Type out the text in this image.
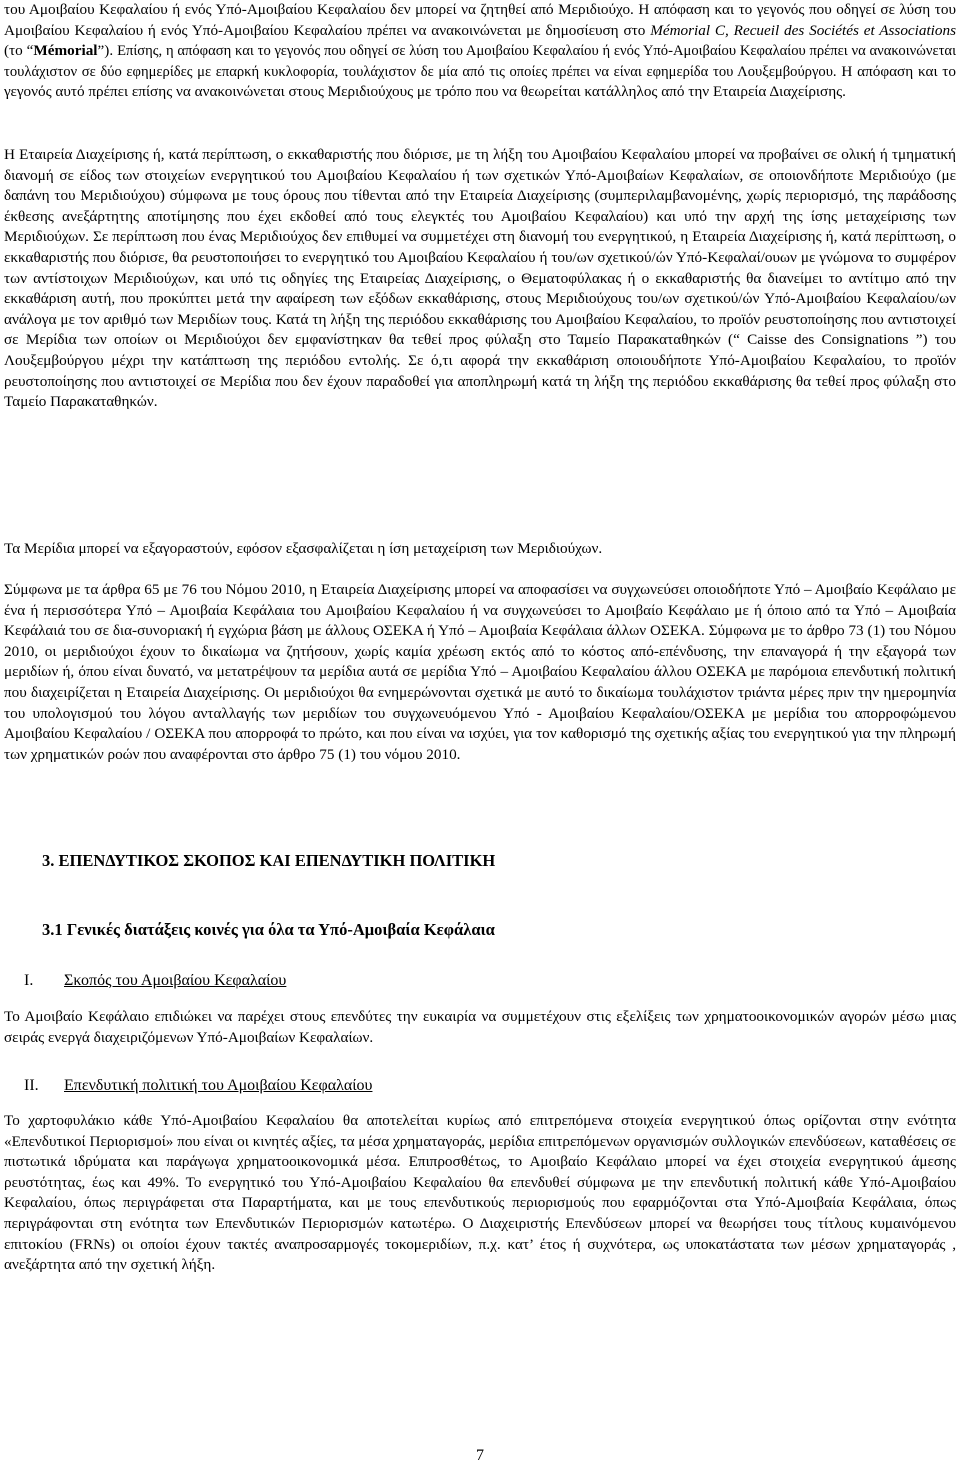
του Αμοιβαίου Κεφαλαίου ή ενός Υπό-Αμοιβαίου Κεφαλαίου δεν μπορεί να ζητηθεί από Μεριδιούχο. Η απόφαση και το γεγονός που οδηγεί σε λύση του Αμοιβαίου Κεφαλαίου ή ενός Υπό-Αμοιβαίου Κεφαλαίου πρέπει να ανακοινώνεται με δημοσίευση στο Mémorial C, Recueil des Sociétés et Associations (το “Mémorial”). Επίσης, η απόφαση και το γεγονός που οδηγεί σε λύση του Αμοιβαίου Κεφαλαίου ή ενός Υπό-Αμοιβαίου Κεφαλαίου πρέπει να ανακοινώνεται τουλάχιστον σε δύο εφημερίδες με επαρκή κυκλοφορία, τουλάχιστον δε μία από τις οποίες πρέπει να είναι εφημερίδα του Λουξεμβούργου. Η απόφαση και το γεγονός αυτό πρέπει επίσης να ανακοινώνεται στους Μεριδιούχους με τρόπο που να θεωρείται κατάλληλος από την Εταιρεία Διαχείρισης.

Η Εταιρεία Διαχείρισης ή, κατά περίπτωση, ο εκκαθαριστής που διόρισε, με τη λήξη του Αμοιβαίου Κεφαλαίου μπορεί να προβαίνει σε ολική ή τμηματική διανομή σε είδος των στοιχείων ενεργητικού του Αμοιβαίου Κεφαλαίου ή των σχετικών Υπό-Αμοιβαίων Κεφαλαίων, σε οποιονδήποτε Μεριδιούχο (με δαπάνη του Μεριδιούχου) σύμφωνα με τους όρους που τίθενται από την Εταιρεία Διαχείρισης (συμπεριλαμβανομένης, χωρίς περιορισμό, της παράδοσης έκθεσης ανεξάρτητης αποτίμησης που έχει εκδοθεί από τους ελεγκτές του Αμοιβαίου Κεφαλαίου) και υπό την αρχή της ίσης μεταχείρισης των Μεριδιούχων. Σε περίπτωση που ένας Μεριδιούχος δεν επιθυμεί να συμμετέχει στη διανομή του ενεργητικού, η Εταιρεία Διαχείρισης ή, κατά περίπτωση, ο εκκαθαριστής που διόρισε, θα ρευστοποιήσει το ενεργητικό του Αμοιβαίου Κεφαλαίου ή του/ων σχετικού/ών Υπό-Κεφαλαί/ουων με γνώμονα το συμφέρον των αντίστοιχων Μεριδιούχων, και υπό τις οδηγίες της Εταιρείας Διαχείρισης, ο Θεματοφύλακας ή ο εκκαθαριστής θα διανείμει το αντίτιμο από την εκκαθάριση αυτή, που προκύπτει μετά την αφαίρεση των εξόδων εκκαθάρισης, στους Μεριδιούχους του/ων σχετικού/ών Υπό-Αμοιβαίου Κεφαλαίου/ων ανάλογα με τον αριθμό των Μεριδίων τους. Κατά τη λήξη της περιόδου εκκαθάρισης του Αμοιβαίου Κεφαλαίου, το προϊόν ρευστοποίησης που αντιστοιχεί σε Μερίδια των οποίων οι Μεριδιούχοι δεν εμφανίστηκαν θα τεθεί προς φύλαξη στο Ταμείο Παρακαταθηκών (“ Caisse des Consignations ”) του Λουξεμβούργου μέχρι την κατάπτωση της περιόδου εντολής. Σε ό,τι αφορά την εκκαθάριση οποιουδήποτε Υπό-Αμοιβαίου Κεφαλαίου, το προϊόν ρευστοποίησης που αντιστοιχεί σε Μερίδια που δεν έχουν παραδοθεί για αποπληρωμή κατά τη λήξη της περιόδου εκκαθάρισης θα τεθεί προς φύλαξη στο Ταμείο Παρακαταθηκών.

Τα Μερίδια μπορεί να εξαγοραστούν, εφόσον εξασφαλίζεται η ίση μεταχείριση των Μεριδιούχων.

Σύμφωνα με τα άρθρα 65 με 76 του Νόμου 2010, η Εταιρεία Διαχείρισης μπορεί να αποφασίσει να συγχωνεύσει οποιοδήποτε Υπό – Αμοιβαίο Κεφάλαιο με ένα ή περισσότερα Υπό – Αμοιβαία Κεφάλαια του Αμοιβαίου Κεφαλαίου ή να συγχωνεύσει το Αμοιβαίο Κεφάλαιο με ή όποιο από τα Υπό – Αμοιβαία Κεφάλαιά του σε δια-συνοριακή ή εγχώρια βάση με άλλους ΟΣΕΚΑ ή Υπό – Αμοιβαία Κεφάλαια άλλων ΟΣΕΚΑ. Σύμφωνα με το άρθρο 73 (1) του Νόμου 2010, οι μεριδιούχοι έχουν το δικαίωμα να ζητήσουν, χωρίς καμία χρέωση εκτός από το κόστος από-επένδυσης, την επαναγορά ή την εξαγορά των μεριδίων ή, όπου είναι δυνατό, να μετατρέψουν τα μερίδια αυτά σε μερίδια Υπό – Αμοιβαίου Κεφαλαίου άλλου ΟΣΕΚΑ με παρόμοια επενδυτική πολιτική που διαχειρίζεται η Εταιρεία Διαχείρισης. Οι μεριδιούχοι θα ενημερώνονται σχετικά με αυτό το δικαίωμα τουλάχιστον τριάντα μέρες πριν την ημερομηνία του υπολογισμού του λόγου ανταλλαγής των μεριδίων του συγχωνευόμενου Υπό - Αμοιβαίου Κεφαλαίου/ΟΣΕΚΑ με μερίδια του απορροφώμενου Αμοιβαίου Κεφαλαίου / ΟΣΕΚΑ που απορροφά το πρώτο, και που είναι να ισχύει, για τον καθορισμό της σχετικής αξίας του ενεργητικού για την πληρωμή των χρηματικών ροών που αναφέρονται στο άρθρο 75 (1) του νόμου 2010.

3. ΕΠΕΝΔΥΤΙΚΟΣ ΣΚΟΠΟΣ ΚΑΙ ΕΠΕΝΔΥΤΙΚΗ ΠΟΛΙΤΙΚΗ

3.1 Γενικές διατάξεις κοινές για όλα τα Υπό-Αμοιβαία Κεφάλαια

I. Σκοπός του Αμοιβαίου Κεφαλαίου

Το Αμοιβαίο Κεφάλαιο επιδιώκει να παρέχει στους επενδύτες την ευκαιρία να συμμετέχουν στις εξελίξεις των χρηματοοικονομικών αγορών μέσω μιας σειράς ενεργά διαχειριζόμενων Υπό-Αμοιβαίων Κεφαλαίων.

II. Επενδυτική πολιτική του Αμοιβαίου Κεφαλαίου

Το χαρτοφυλάκιο κάθε Υπό-Αμοιβαίου Κεφαλαίου θα αποτελείται κυρίως από επιτρεπόμενα στοιχεία ενεργητικού όπως ορίζονται στην ενότητα «Επενδυτικοί Περιορισμοί» που είναι οι κινητές αξίες, τα μέσα χρηματαγοράς, μερίδια επιτρεπόμενων οργανισμών συλλογικών επενδύσεων, καταθέσεις σε πιστωτικά ιδρύματα και παράγωγα χρηματοοικονομικά μέσα. Επιπροσθέτως, το Αμοιβαίο Κεφάλαιο μπορεί να έχει στοιχεία ενεργητικού άμεσης ρευστότητας, έως και 49%. Το ενεργητικό του Υπό-Αμοιβαίου Κεφαλαίου θα επενδυθεί σύμφωνα με την επενδυτική πολιτική κάθε Υπό-Αμοιβαίου Κεφαλαίου, όπως περιγράφεται στα Παραρτήματα, και με τους επενδυτικούς περιορισμούς που εφαρμόζονται στα Υπό-Αμοιβαία Κεφάλαια, όπως περιγράφονται στη ενότητα των Επενδυτικών Περιορισμών κατωτέρω. Ο Διαχειριστής Επενδύσεων μπορεί να θεωρήσει τους τίτλους κυμαινόμενου επιτοκίου (FRNs) οι οποίοι έχουν τακτές αναπροσαρμογές τοκομεριδίων, π.χ. κατ’ έτος ή συχνότερα, ως υποκατάστατα των μέσων χρηματαγοράς , ανεξάρτητα από την σχετική λήξη.

7
